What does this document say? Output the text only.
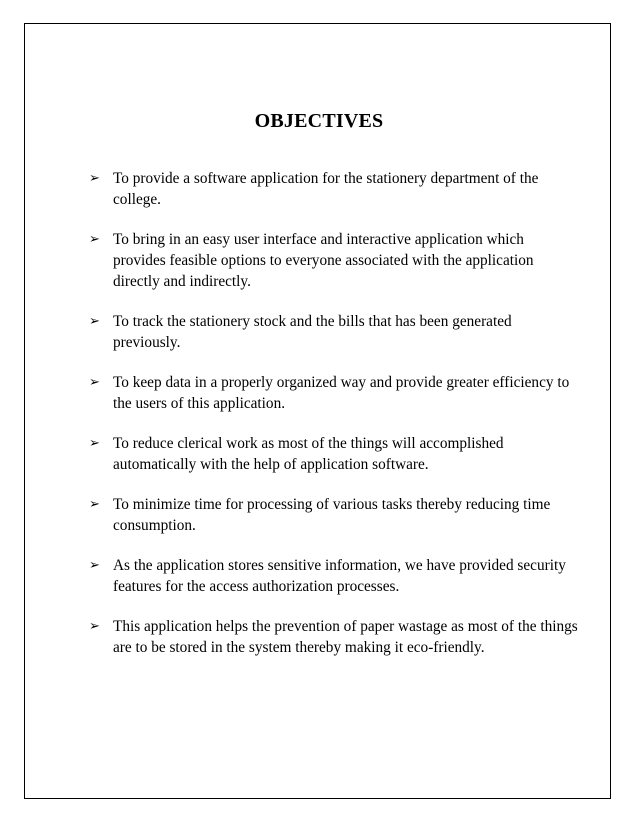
OBJECTIVES
➢ To provide a software application for the stationery department of the college.
➢ To bring in an easy user interface and interactive application which provides feasible options to everyone associated with the application directly and indirectly.
➢ To track the stationery stock and the bills that has been generated previously.
➢ To keep data in a properly organized way and provide greater efficiency to the users of this application.
➢ To reduce clerical work as most of the things will accomplished automatically with the help of application software.
➢ To minimize time for processing of various tasks thereby reducing time consumption.
➢ As the application stores sensitive information, we have provided security features for the access authorization processes.
➢ This application helps the prevention of paper wastage as most of the things are to be stored in the system thereby making it eco-friendly.
